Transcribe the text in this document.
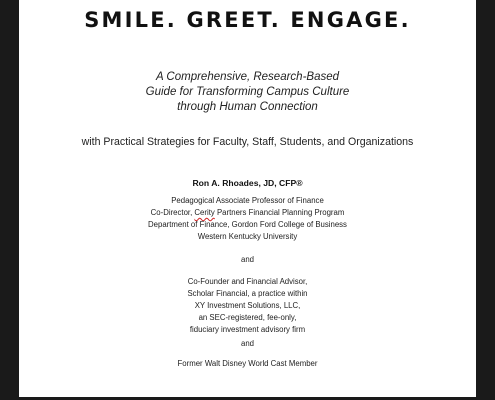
SMILE. GREET. ENGAGE.
A Comprehensive, Research-Based
Guide for Transforming Campus Culture
through Human Connection
with Practical Strategies for Faculty, Staff, Students, and Organizations
Ron A. Rhoades, JD, CFP®
Pedagogical Associate Professor of Finance
Co-Director, Cerity Partners Financial Planning Program
Department of Finance, Gordon Ford College of Business
Western Kentucky University
and
Co-Founder and Financial Advisor,
Scholar Financial, a practice within
XY Investment Solutions, LLC,
an SEC-registered, fee-only,
fiduciary investment advisory firm
and
Former Walt Disney World Cast Member
